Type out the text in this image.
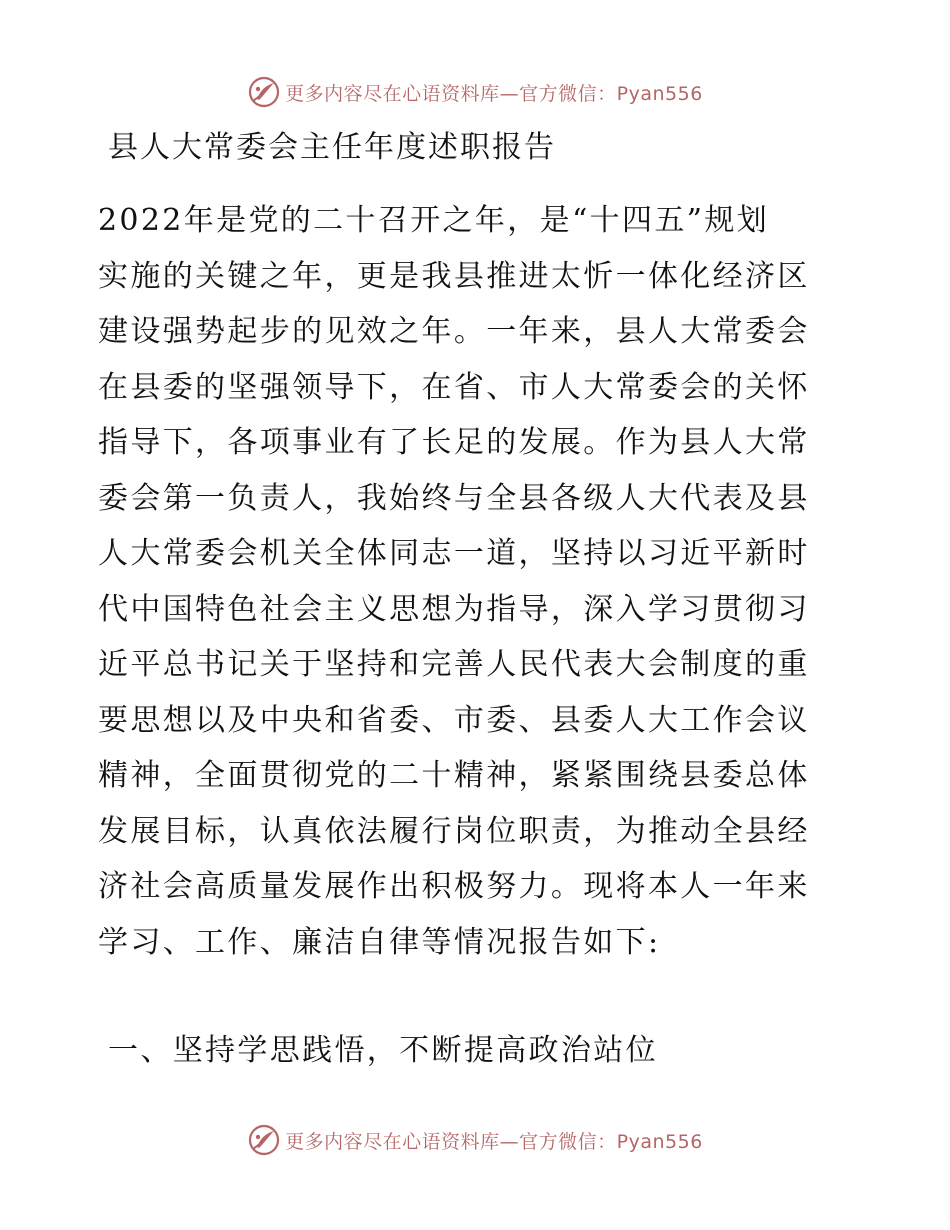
更多内容尽在心语资料库—官方微信：Pyan556
县人大常委会主任年度述职报告
2022年是党的二十召开之年，是“十四五”规划
实施的关键之年，更是我县推进太忻一体化经济区
建设强势起步的见效之年。一年来，县人大常委会
在县委的坚强领导下，在省、市人大常委会的关怀
指导下，各项事业有了长足的发展。作为县人大常
委会第一负责人，我始终与全县各级人大代表及县
人大常委会机关全体同志一道，坚持以习近平新时
代中国特色社会主义思想为指导，深入学习贯彻习
近平总书记关于坚持和完善人民代表大会制度的重
要思想以及中央和省委、市委、县委人大工作会议
精神，全面贯彻党的二十精神，紧紧围绕县委总体
发展目标，认真依法履行岗位职责，为推动全县经
济社会高质量发展作出积极努力。现将本人一年来
学习、工作、廉洁自律等情况报告如下:
一、坚持学思践悟，不断提高政治站位
更多内容尽在心语资料库—官方微信：Pyan556
